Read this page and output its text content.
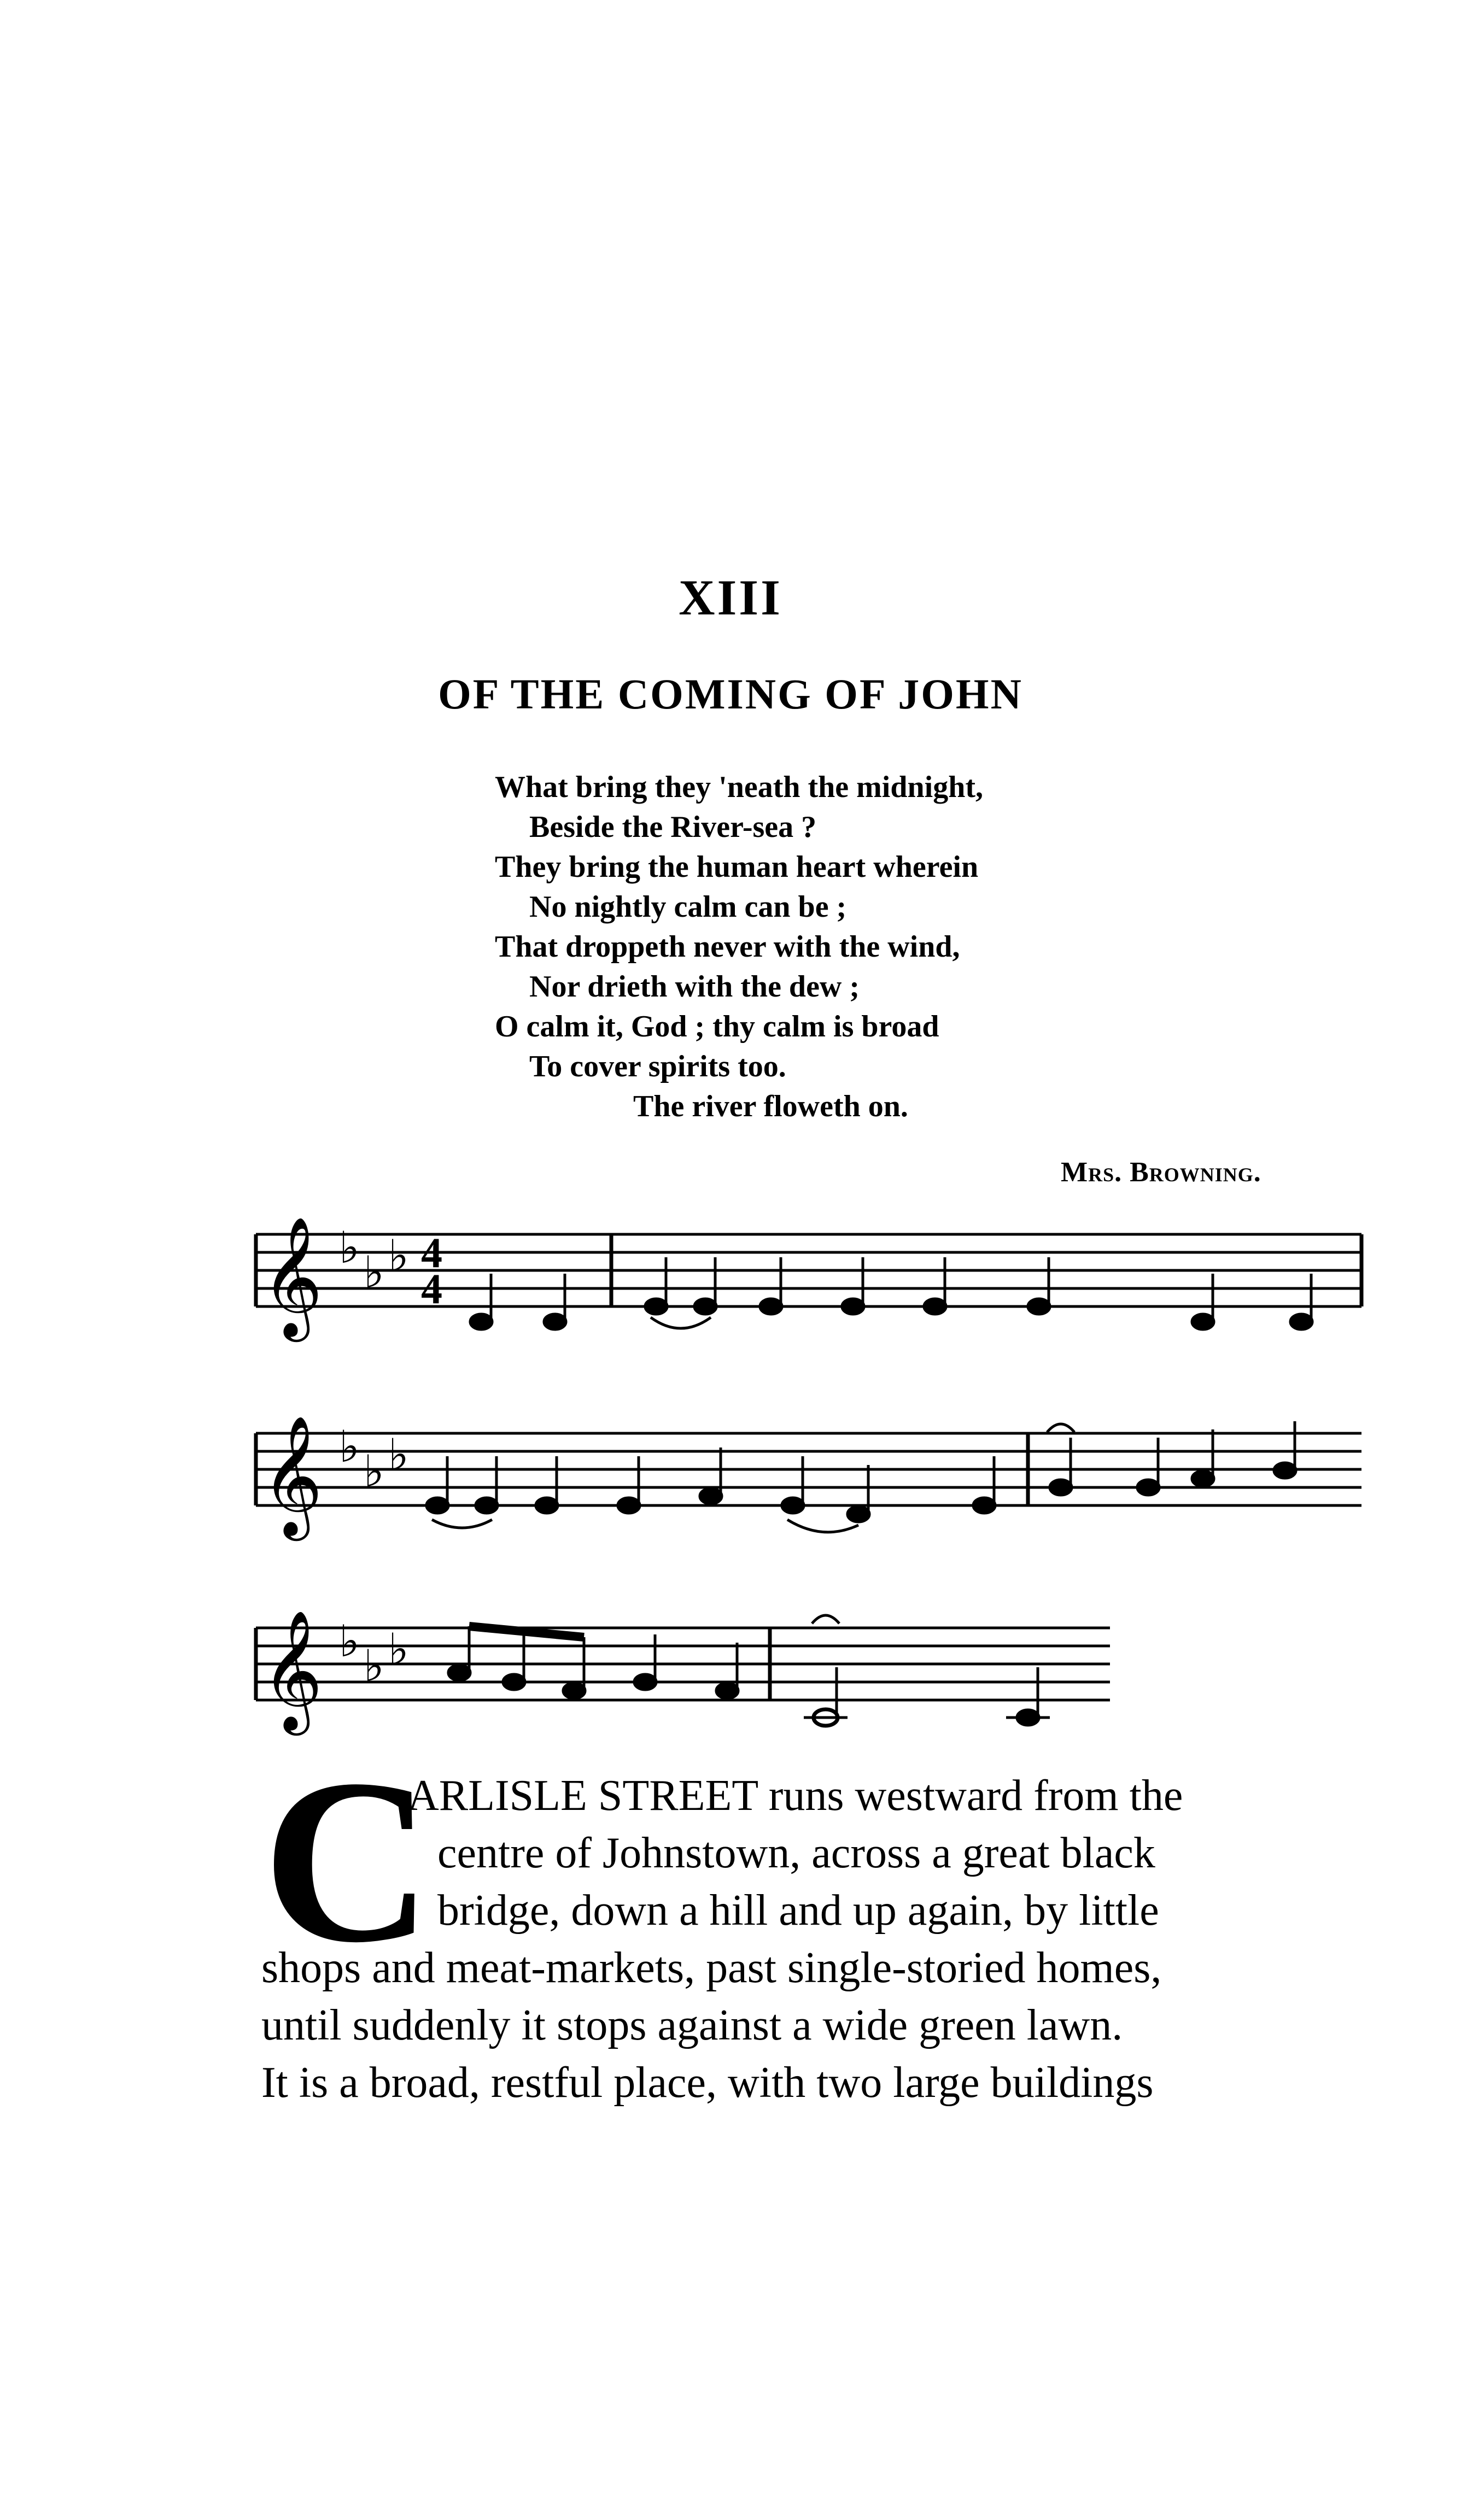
XIII
OF THE COMING OF JOHN
What bring they 'neath the midnight,
Beside the River-sea ?
They bring the human heart wherein
No nightly calm can be ;
That droppeth never with the wind,
Nor drieth with the dew ;
O calm it, God ; thy calm is broad
To cover spirits too.
The river floweth on.
Mrs. Browning.
𝄞
𝄞
𝄞
♭ ♭ ♭
♭ ♭ ♭
♭ ♭ ♭
4
4
C
ARLISLE STREET runs westward from the
centre of Johnstown, across a great black
bridge, down a hill and up again, by little
shops and meat-markets, past single-storied homes,
until suddenly it stops against a wide green lawn.
It is a broad, restful place, with two large buildings
